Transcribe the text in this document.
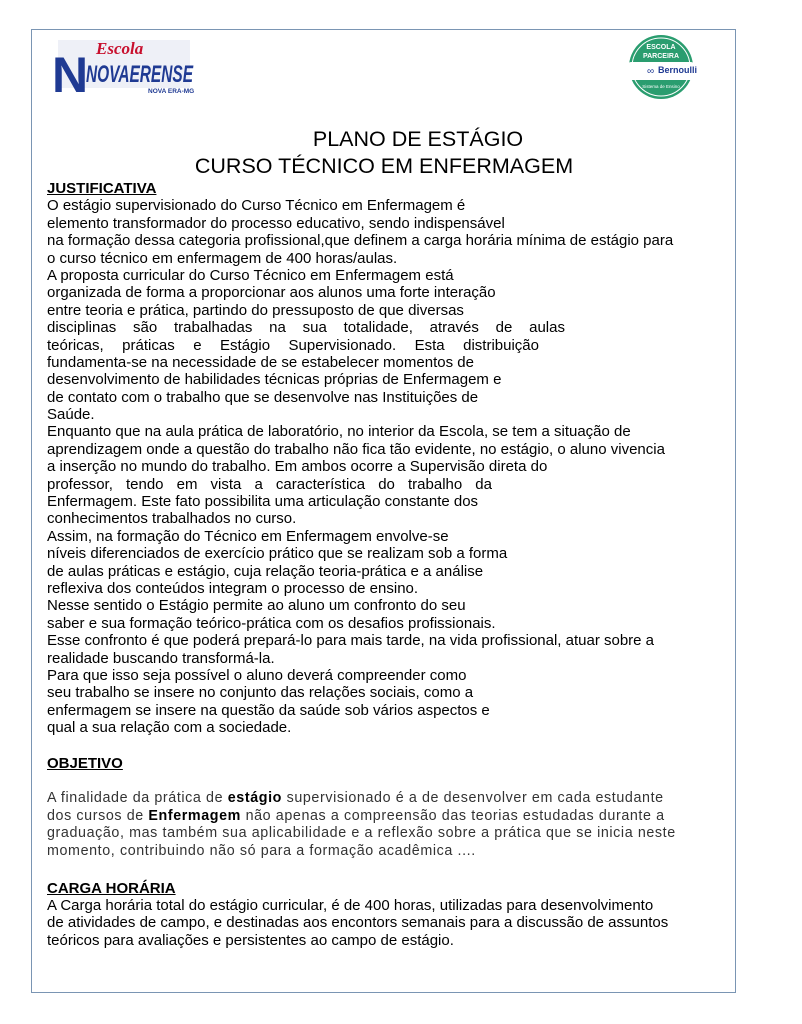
Escola
N
NOVAERENSE
NOVA ERA-MG
ESCOLA
PARCEIRA
∞ Bernoulli
Sistema de Ensino
PLANO DE ESTÁGIO
CURSO TÉCNICO EM ENFERMAGEM
JUSTIFICATIVA
O estágio supervisionado do Curso Técnico em Enfermagem é
elemento transformador do processo educativo, sendo indispensável
na formação dessa categoria profissional,que definem a carga horária mínima de estágio para
o curso técnico em enfermagem de 400 horas/aulas.
A proposta curricular do Curso Técnico em Enfermagem está
organizada de forma a proporcionar aos alunos uma forte interação
entre teoria e prática, partindo do pressuposto de que diversas
disciplinas são trabalhadas na sua totalidade, através de aulas
teóricas, práticas e Estágio Supervisionado. Esta distribuição
fundamenta-se na necessidade de se estabelecer momentos de
desenvolvimento de habilidades técnicas próprias de Enfermagem e
de contato com o trabalho que se desenvolve nas Instituições de
Saúde.
Enquanto que na aula prática de laboratório, no interior da Escola, se tem a situação de
aprendizagem onde a questão do trabalho não fica tão evidente, no estágio, o aluno vivencia
a inserção no mundo do trabalho. Em ambos ocorre a Supervisão direta do
professor, tendo em vista a característica do trabalho da
Enfermagem. Este fato possibilita uma articulação constante dos
conhecimentos trabalhados no curso.
Assim, na formação do Técnico em Enfermagem envolve-se
níveis diferenciados de exercício prático que se realizam sob a forma
de aulas práticas e estágio, cuja relação teoria-prática e a análise
reflexiva dos conteúdos integram o processo de ensino.
Nesse sentido o Estágio permite ao aluno um confronto do seu
saber e sua formação teórico-prática com os desafios profissionais.
Esse confronto é que poderá prepará-lo para mais tarde, na vida profissional, atuar sobre a
realidade buscando transformá-la.
Para que isso seja possível o aluno deverá compreender como
seu trabalho se insere no conjunto das relações sociais, como a
enfermagem se insere na questão da saúde sob vários aspectos e
qual a sua relação com a sociedade.
OBJETIVO
A finalidade da prática de estágio supervisionado é a de desenvolver em cada estudante
dos cursos de Enfermagem não apenas a compreensão das teorias estudadas durante a
graduação, mas também sua aplicabilidade e a reflexão sobre a prática que se inicia neste
momento, contribuindo não só para a formação acadêmica ....
CARGA HORÁRIA
A Carga horária total do estágio curricular, é de 400 horas, utilizadas para desenvolvimento
de atividades de campo, e destinadas aos encontors semanais para a discussão de assuntos
teóricos para avaliações e persistentes ao campo de estágio.
